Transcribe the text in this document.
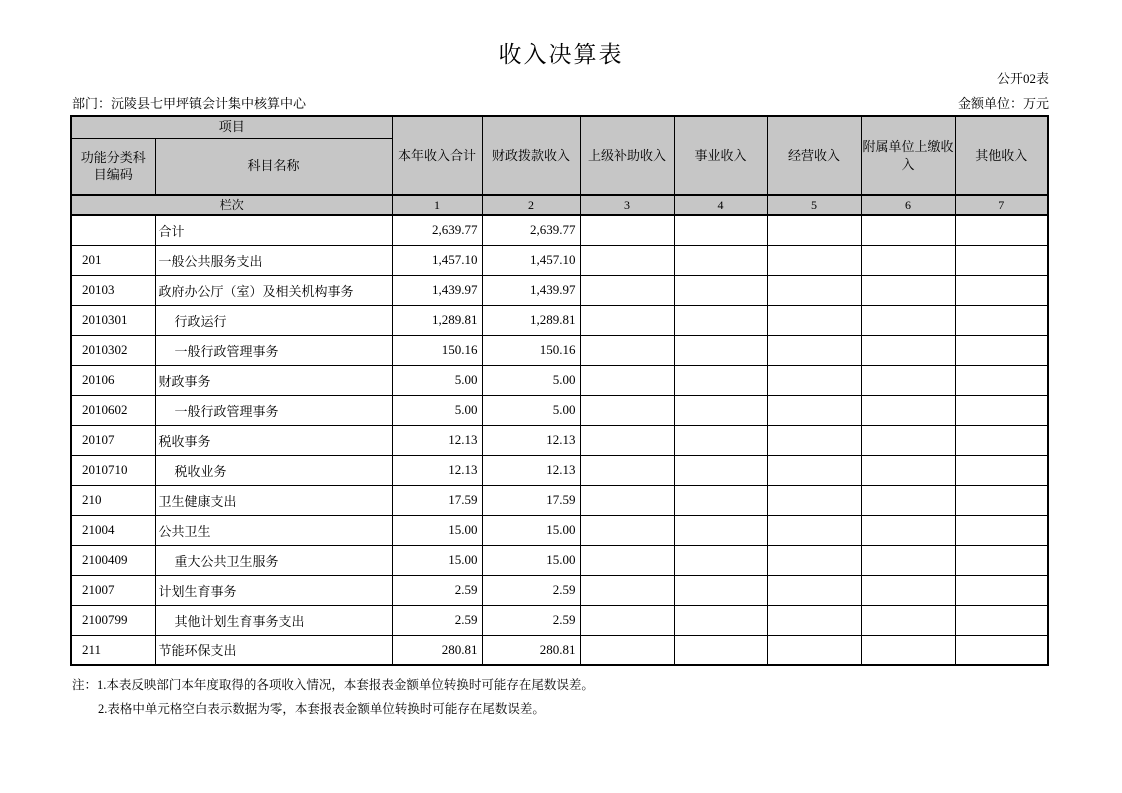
收入决算表
公开02表
部门：沅陵县七甲坪镇会计集中核算中心	金额单位：万元
项目		本年收入合计	财政拨款收入	上级补助收入	事业收入	经营收入	附属单位上缴收入	其他收入
功能分类科目编码	科目名称							
栏次		1	2	3	4	5	6	7
	合计	2,639.77	2,639.77					
201	一般公共服务支出	1,457.10	1,457.10					
20103	政府办公厅（室）及相关机构事务	1,439.97	1,439.97					
2010301	行政运行	1,289.81	1,289.81					
2010302	一般行政管理事务	150.16	150.16					
20106	财政事务	5.00	5.00					
2010602	一般行政管理事务	5.00	5.00					
20107	税收事务	12.13	12.13					
2010710	税收业务	12.13	12.13					
210	卫生健康支出	17.59	17.59					
21004	公共卫生	15.00	15.00					
2100409	重大公共卫生服务	15.00	15.00					
21007	计划生育事务	2.59	2.59					
2100799	其他计划生育事务支出	2.59	2.59					
211	节能环保支出	280.81	280.81					
注：1.本表反映部门本年度取得的各项收入情况，本套报表金额单位转换时可能存在尾数误差。
2.表格中单元格空白表示数据为零，本套报表金额单位转换时可能存在尾数误差。
